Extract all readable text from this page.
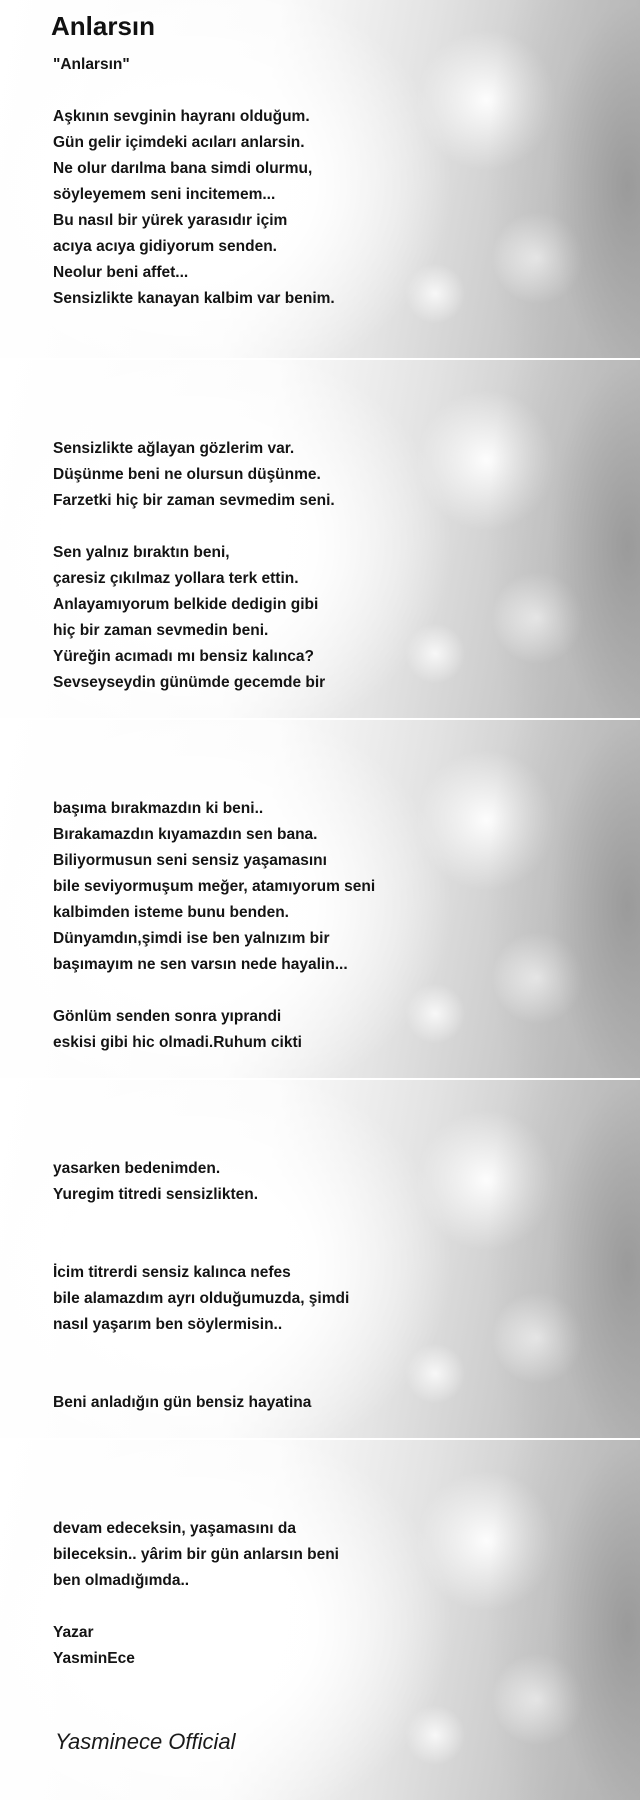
Anlarsın
"Anlarsın"
Aşkının sevginin hayranı olduğum.
Gün gelir içimdeki acıları anlarsin.
Ne olur darılma bana simdi olurmu,
söyleyemem seni incitemem...
Bu nasıl bir yürek yarasıdır içim
acıya acıya gidiyorum senden.
Neolur beni affet...
Sensizlikte kanayan kalbim var benim.
Sensizlikte ağlayan gözlerim var.
Düşünme beni ne olursun düşünme.
Farzetki hiç bir zaman sevmedim seni.
Sen yalnız bıraktın beni,
çaresiz çıkılmaz yollara terk ettin.
Anlayamıyorum belkide dedigin gibi
hiç bir zaman sevmedin beni.
Yüreğin acımadı mı bensiz kalınca?
Sevseyseydin günümde gecemde bir
başıma bırakmazdın ki beni..
Bırakamazdın kıyamazdın sen bana.
Biliyormusun seni sensiz yaşamasını
bile seviyormuşum meğer, atamıyorum seni
kalbimden isteme bunu benden.
Dünyamdın,şimdi ise ben yalnızım bir
başımayım ne sen varsın nede hayalin...
Gönlüm senden sonra yıprandi
eskisi gibi hic olmadi.Ruhum cikti
yasarken bedenimden.
Yuregim titredi sensizlikten.
İcim titrerdi sensiz kalınca nefes
bile alamazdım ayrı olduğumuzda, şimdi
nasıl yaşarım ben söylermisin..
Beni anladığın gün bensiz hayatina
devam edeceksin, yaşamasını da
bileceksin.. yârim bir gün anlarsın beni
ben olmadığımda..
Yazar
YasminEce
Yasminece Official
